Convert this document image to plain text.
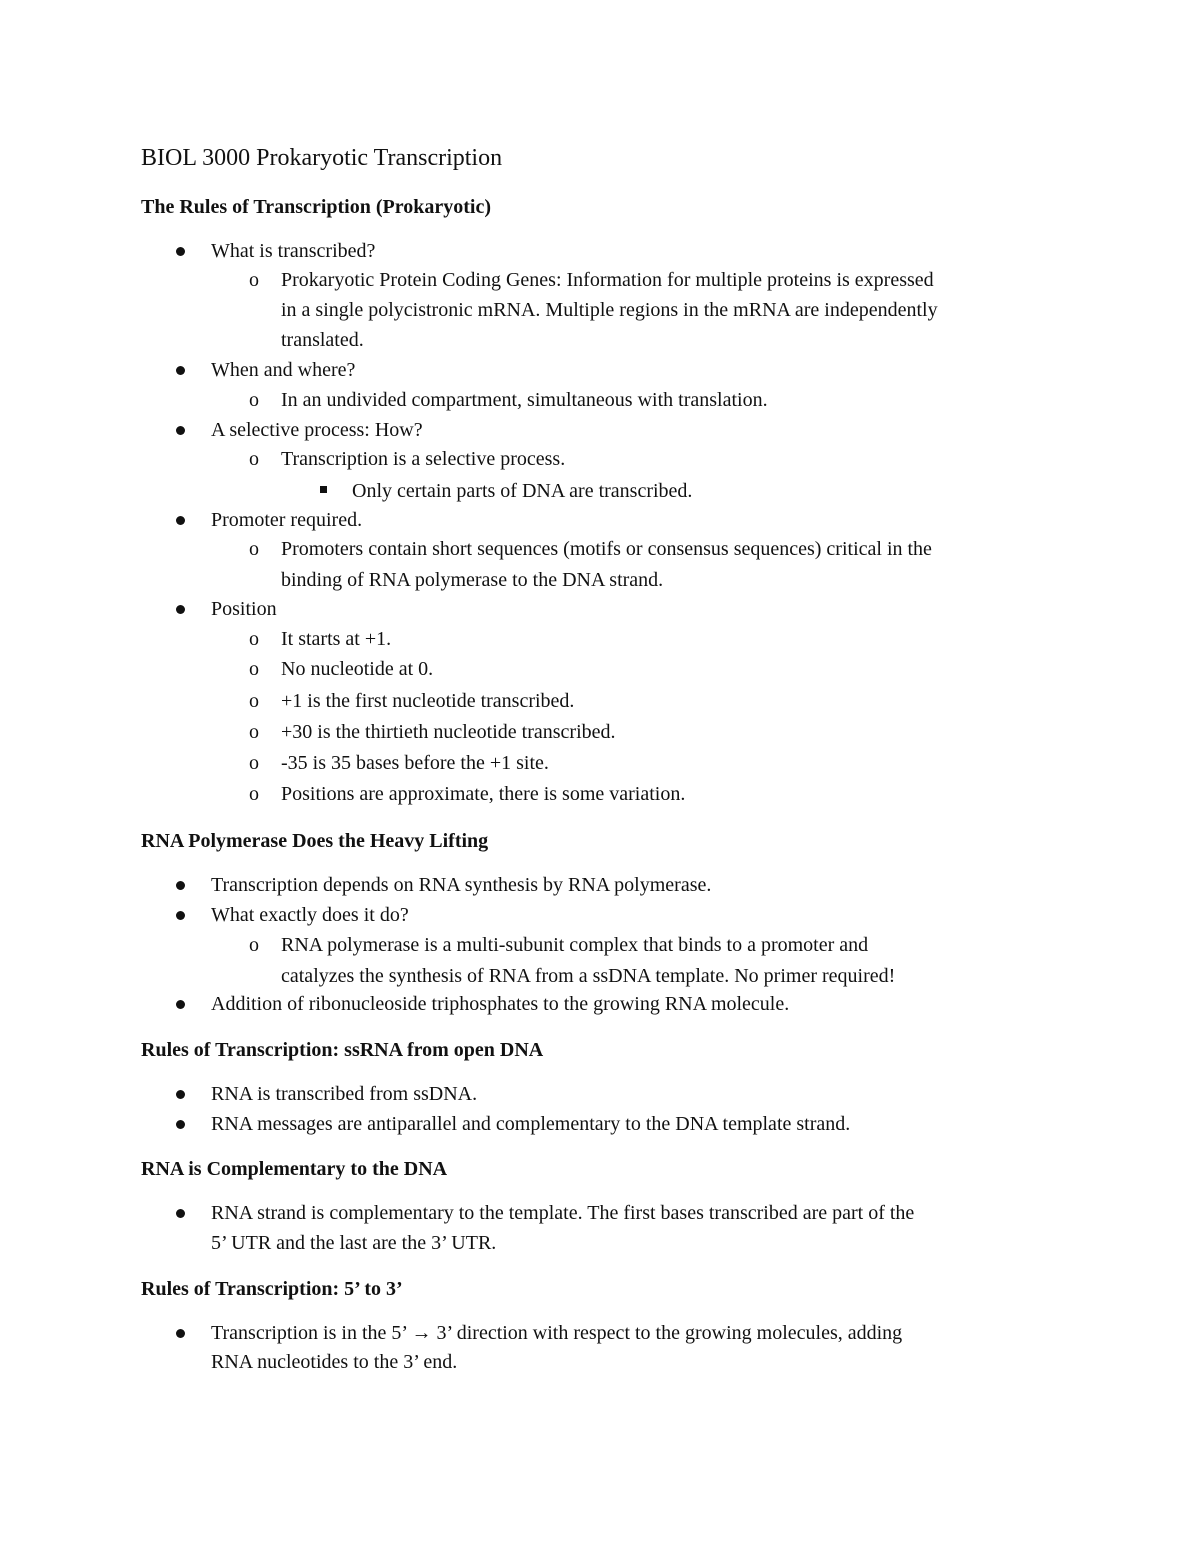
BIOL 3000 Prokaryotic Transcription
The Rules of Transcription (Prokaryotic)
What is transcribed?
o Prokaryotic Protein Coding Genes: Information for multiple proteins is expressed
in a single polycistronic mRNA. Multiple regions in the mRNA are independently
translated.
When and where?
o In an undivided compartment, simultaneous with translation.
A selective process: How?
o Transcription is a selective process.
Only certain parts of DNA are transcribed.
Promoter required.
o Promoters contain short sequences (motifs or consensus sequences) critical in the
binding of RNA polymerase to the DNA strand.
Position
o It starts at +1.
o No nucleotide at 0.
o +1 is the first nucleotide transcribed.
o +30 is the thirtieth nucleotide transcribed.
o -35 is 35 bases before the +1 site.
o Positions are approximate, there is some variation.
RNA Polymerase Does the Heavy Lifting
Transcription depends on RNA synthesis by RNA polymerase.
What exactly does it do?
o RNA polymerase is a multi-subunit complex that binds to a promoter and
catalyzes the synthesis of RNA from a ssDNA template. No primer required!
Addition of ribonucleoside triphosphates to the growing RNA molecule.
Rules of Transcription: ssRNA from open DNA
RNA is transcribed from ssDNA.
RNA messages are antiparallel and complementary to the DNA template strand.
RNA is Complementary to the DNA
RNA strand is complementary to the template. The first bases transcribed are part of the
5’ UTR and the last are the 3’ UTR.
Rules of Transcription: 5’ to 3’
Transcription is in the 5’ → 3’ direction with respect to the growing molecules, adding
RNA nucleotides to the 3’ end.
